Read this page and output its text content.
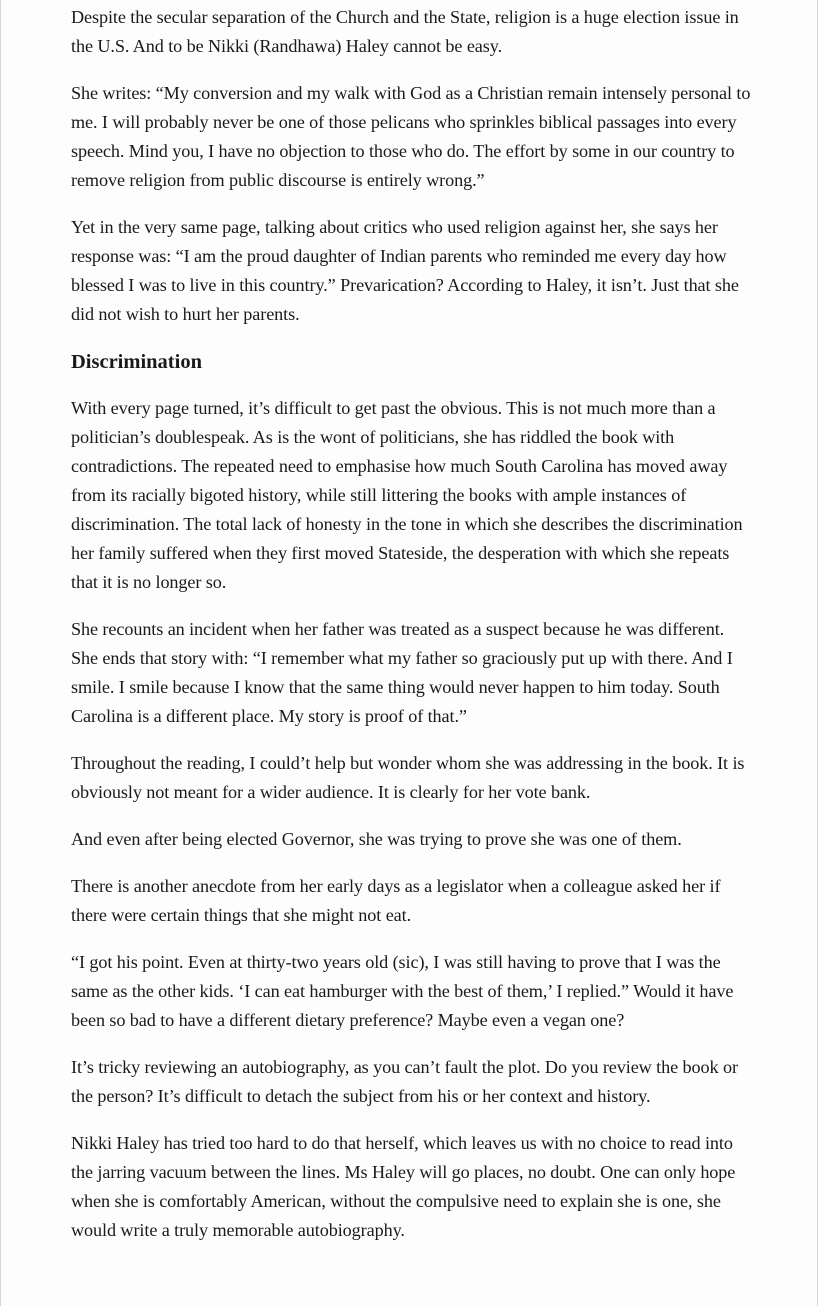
Despite the secular separation of the Church and the State, religion is a huge election issue in the U.S. And to be Nikki (Randhawa) Haley cannot be easy.

She writes: “My conversion and my walk with God as a Christian remain intensely personal to me. I will probably never be one of those pelicans who sprinkles biblical passages into every speech. Mind you, I have no objection to those who do. The effort by some in our country to remove religion from public discourse is entirely wrong.”

Yet in the very same page, talking about critics who used religion against her, she says her response was: “I am the proud daughter of Indian parents who reminded me every day how blessed I was to live in this country.” Prevarication? According to Haley, it isn’t. Just that she did not wish to hurt her parents.

Discrimination

With every page turned, it’s difficult to get past the obvious. This is not much more than a politician’s doublespeak. As is the wont of politicians, she has riddled the book with contradictions. The repeated need to emphasise how much South Carolina has moved away from its racially bigoted history, while still littering the books with ample instances of discrimination. The total lack of honesty in the tone in which she describes the discrimination her family suffered when they first moved Stateside, the desperation with which she repeats that it is no longer so.

She recounts an incident when her father was treated as a suspect because he was different. She ends that story with: “I remember what my father so graciously put up with there. And I smile. I smile because I know that the same thing would never happen to him today. South Carolina is a different place. My story is proof of that.”

Throughout the reading, I could’t help but wonder whom she was addressing in the book. It is obviously not meant for a wider audience. It is clearly for her vote bank.

And even after being elected Governor, she was trying to prove she was one of them.

There is another anecdote from her early days as a legislator when a colleague asked her if there were certain things that she might not eat.

“I got his point. Even at thirty-two years old (sic), I was still having to prove that I was the same as the other kids. ‘I can eat hamburger with the best of them,’ I replied.” Would it have been so bad to have a different dietary preference? Maybe even a vegan one?

It’s tricky reviewing an autobiography, as you can’t fault the plot. Do you review the book or the person? It’s difficult to detach the subject from his or her context and history.

Nikki Haley has tried too hard to do that herself, which leaves us with no choice to read into the jarring vacuum between the lines. Ms Haley will go places, no doubt. One can only hope when she is comfortably American, without the compulsive need to explain she is one, she would write a truly memorable autobiography.
